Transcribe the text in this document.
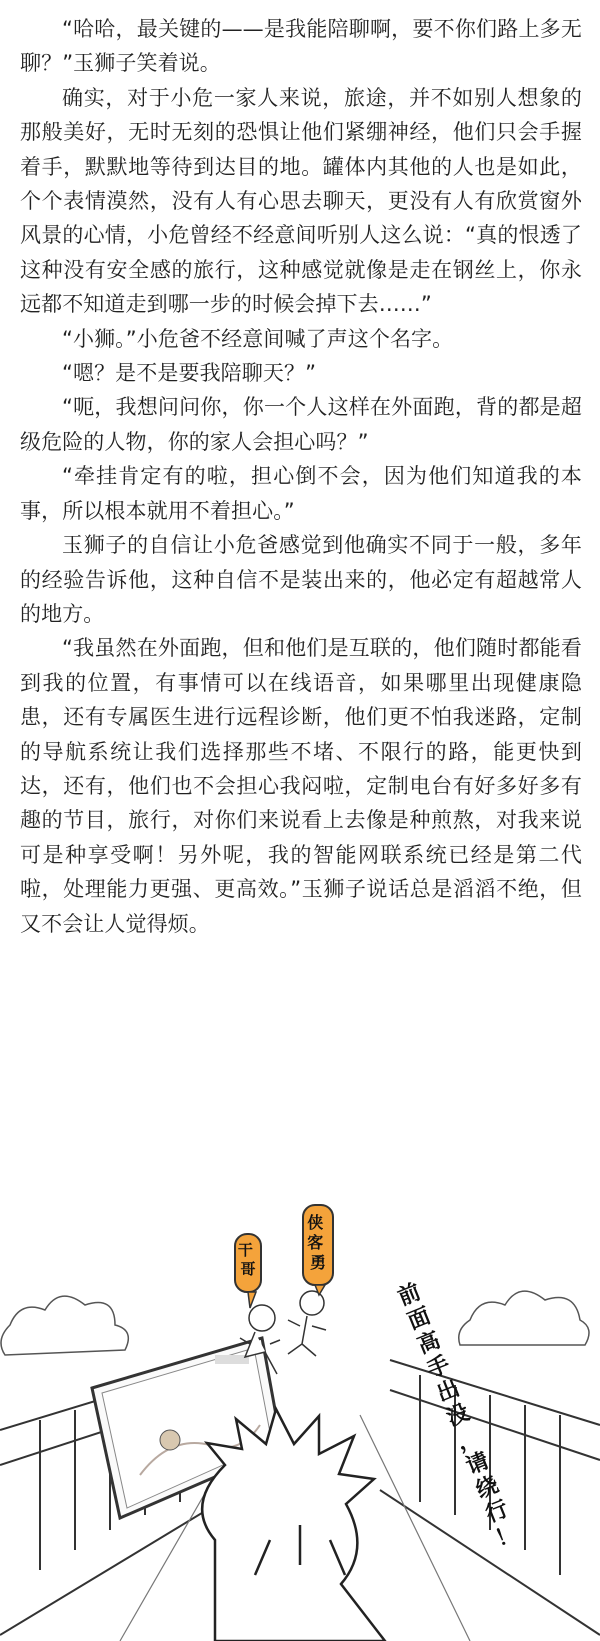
“哈哈，最关键的——是我能陪聊啊，要不你们路上多无聊？”玉狮子笑着说。

确实，对于小危一家人来说，旅途，并不如别人想象的那般美好，无时无刻的恐惧让他们紧绷神经，他们只会手握着手，默默地等待到达目的地。罐体内其他的人也是如此，个个表情漠然，没有人有心思去聊天，更没有人有欣赏窗外风景的心情，小危曾经不经意间听别人这么说：“真的恨透了这种没有安全感的旅行，这种感觉就像是走在钢丝上，你永远都不知道走到哪一步的时候会掉下去……”

“小狮。”小危爸不经意间喊了声这个名字。

“嗯？是不是要我陪聊天？”

“呃，我想问问你，你一个人这样在外面跑，背的都是超级危险的人物，你的家人会担心吗？”

“牵挂肯定有的啦，担心倒不会，因为他们知道我的本事，所以根本就用不着担心。”

玉狮子的自信让小危爸感觉到他确实不同于一般，多年的经验告诉他，这种自信不是装出来的，他必定有超越常人的地方。

“我虽然在外面跑，但和他们是互联的，他们随时都能看到我的位置，有事情可以在线语音，如果哪里出现健康隐患，还有专属医生进行远程诊断，他们更不怕我迷路，定制的导航系统让我们选择那些不堵、不限行的路，能更快到达，还有，他们也不会担心我闷啦，定制电台有好多好多有趣的节目，旅行，对你们来说看上去像是种煎熬，对我来说可是种享受啊！另外呢，我的智能网联系统已经是第二代啦，处理能力更强、更高效。”玉狮子说话总是滔滔不绝，但又不会让人觉得烦。

干 哥
侠 客 勇
前面高手出没，请绕行！
